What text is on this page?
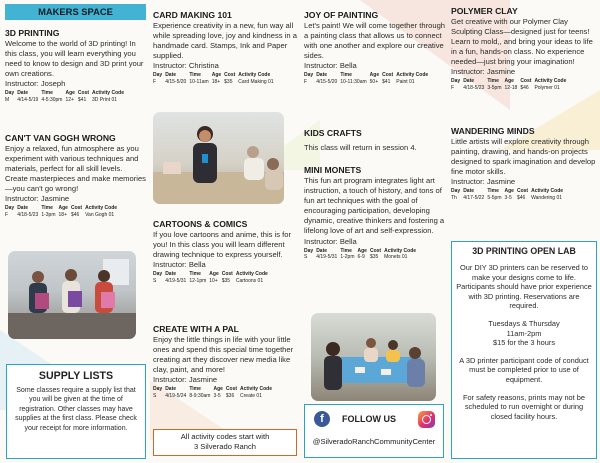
MAKERS SPACE
3D PRINTING

Welcome to the world of 3D printing! In this class, you will learn everything you need to know to design and 3D print your own creations.

Instructor: Joseph
Day	Date	Time	Age	Cost	Activity Code
M	4/14-5/19	4-5:30pm	12+	$41	3D Print 01
CAN'T VAN GOGH WRONG

Enjoy a relaxed, fun atmosphere as you experiment with various techniques and materials, perfect for all skill levels. Create masterpieces and make memories—you can't go wrong!

Instructor: Jasmine
Day	Date	Time	Age	Cost	Activity Code
F	4/18-5/23	1-3pm	18+	$46	Van Gogh 01
SUPPLY LISTS
Some classes require a supply list that you will be given at the time of registration. Other classes may have supplies at the first class. Please check your receipt for more information.
CARD MAKING 101

Experience creativity in a new, fun way all while spreading love, joy and kindness in a handmade card. Stamps, Ink and Paper supplied.

Instructor: Christina
Day	Date	Time	Age	Cost	Activity Code
F	4/15-5/20	10-11am	18+	$35	Card Making 01
CARTOONS & COMICS

If you love cartoons and anime, this is for you! In this class you will learn different drawing technique to express yourself.

Instructor: Bella
Day	Date	Time	Age	Cost	Activity Code
S	4/19-5/31	12-1pm	10+	$35	Cartoons 01
CREATE WITH A PAL

Enjoy the little things in life with your little ones and spend this special time together creating art they discover new media like clay, paint, and more!

Instructor: Jasmine
Day	Date	Time	Age	Cost	Activity Code
S	4/19-5/24	8-9:30am	3-5	$36	Create 01
All activity codes start with
3 Silverado Ranch
JOY OF PAINTING

Let's paint! We will come together through a painting class that allows us to connect with one another and explore our creative sides.

Instructor: Bella
Day	Date	Time	Age	Cost	Activity Code
F	4/15-5/20	10-11:30am	50+	$41	Paint 01
KIDS CRAFTS

This class will return in session 4.

MINI MONETS

This fun art program integrates light art instruction, a touch of history, and tons of fun art techniques with the goal of encouraging participation, developing dynamic, creative thinkers and fostering a lifelong love of art and self-expression.

Instructor: Bella
Day	Date	Time	Age	Cost	Activity Code
S	4/19-5/31	1-2pm	6-9	$35	Monets 01
f	FOLLOW US
@SilveradoRanchCommunityCenter
POLYMER CLAY

Get creative with our Polymer Clay Sculpting Class—designed just for teens! Learn to mold,, and bring your ideas to life in a fun, hands-on class. No experience needed—just bring your imagination!

Instructor: Jasmine
Day	Date	Time	Age	Cost	Activity Code
F	4/18-5/23	3-5pm	12-18	$46	Polymer 01
WANDERING MINDS

Little artists will explore creativity through painting, drawing, and hands-on projects designed to spark imagination and develop fine motor skills.

Instructor: Jasmine
Day	Date	Time	Age	Cost	Activity Code
Th	4/17-5/22	5-5pm	3-5	$46	Wandering 01
3D PRINTING OPEN LAB
Our DIY 3D printers can be reserved to make your designs come to life. Participants should have prior experience with 3D printing. Reservations are required.
Tuesdays & Thursday
11am-2pm
$15 for the 3 hours
A 3D printer participant code of conduct must be completed prior to use of equipment.
For safety reasons, prints may not be scheduled to run overnight or during closed facility hours.
